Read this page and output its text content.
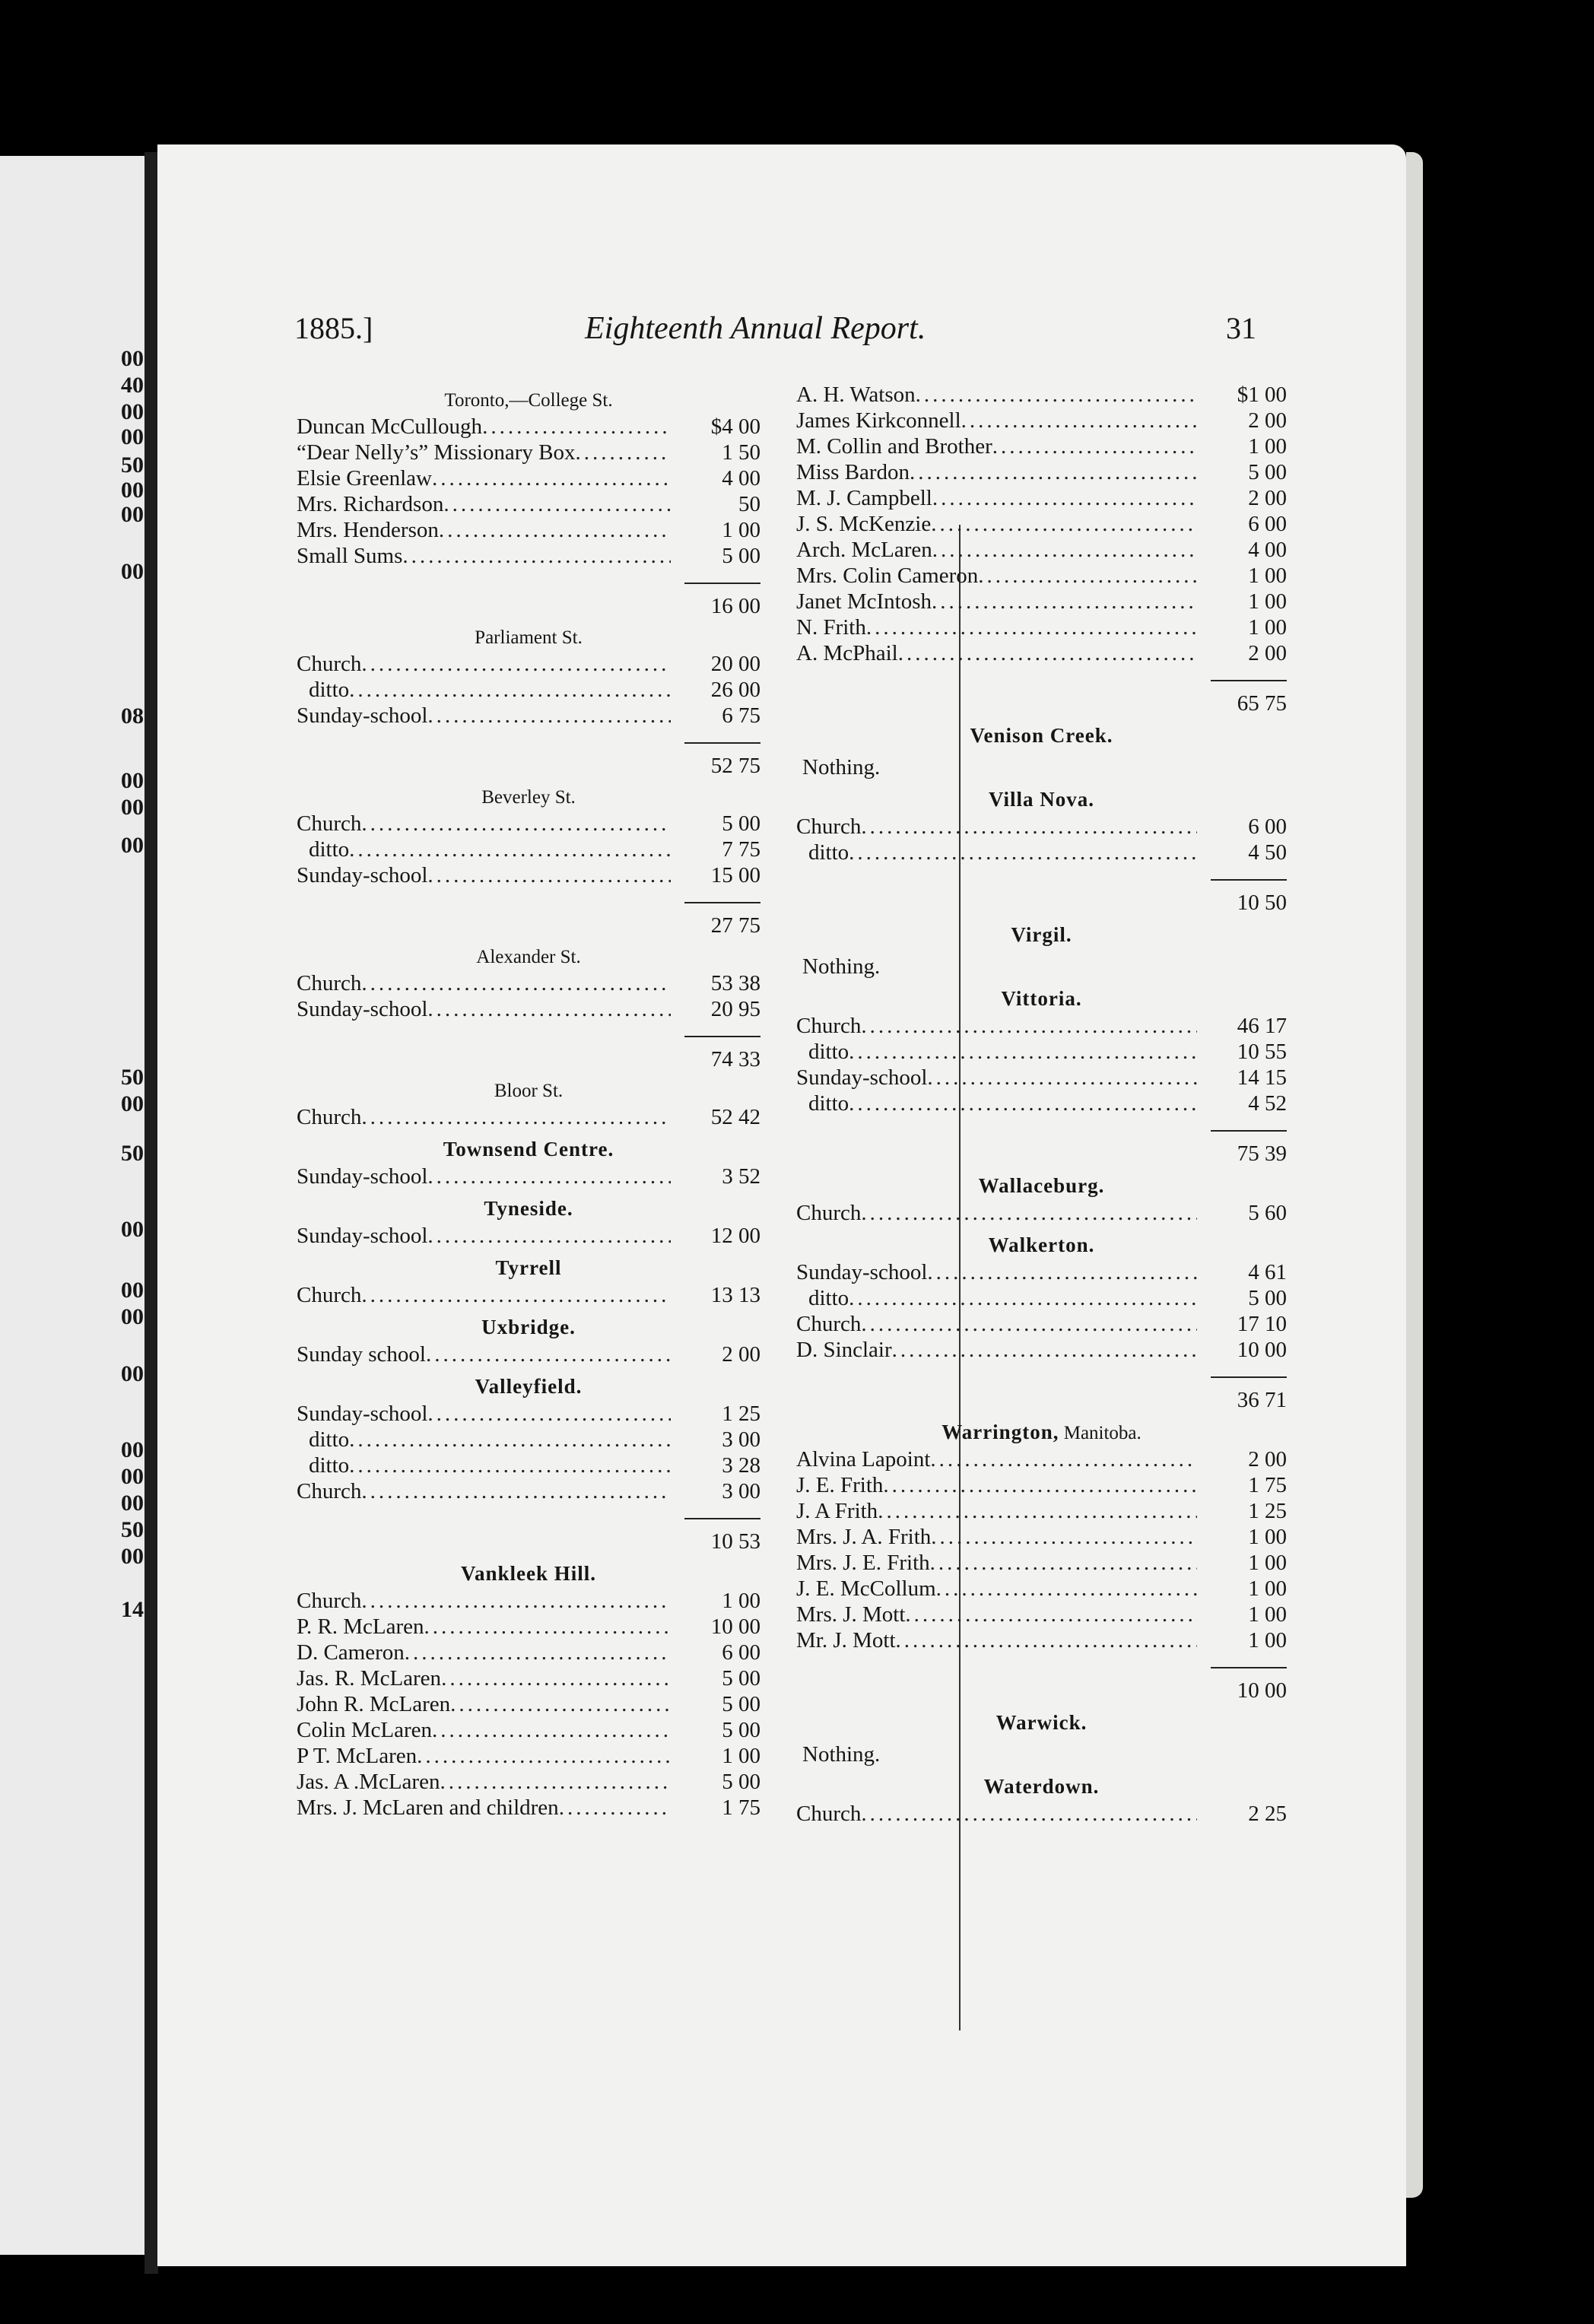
00
40
00
00
50
00
00
00
08
00
00
00
50
00
50
00
00
00
00
00
00
00
50
00
14
1885.]	Eighteenth Annual Report.	31
Toronto,—College St.
Duncan McCullough .....	$4 00
“Dear Nelly’s” Missionary Box .....	1 50
Elsie Greenlaw .....	4 00
Mrs. Richardson .....	50
Mrs. Henderson .....	1 00
Small Sums .....	5 00
16 00
Parliament St.
Church .....	20 00
ditto .....	26 00
Sunday-school .....	6 75
52 75
Beverley St.
Church .....	5 00
ditto .....	7 75
Sunday-school .....	15 00
27 75
Alexander St.
Church .....	53 38
Sunday-school .....	20 95
74 33
Bloor St.
Church .....	52 42
Townsend Centre.
Sunday-school .....	3 52
Tyneside.
Sunday-school .....	12 00
Tyrrell
Church .....	13 13
Uxbridge.
Sunday school .....	2 00
Valleyfield.
Sunday-school .....	1 25
ditto .....	3 00
ditto .....	3 28
Church .....	3 00
10 53
Vankleek Hill.
Church .....	1 00
P. R. McLaren .....	10 00
D. Cameron .....	6 00
Jas. R. McLaren .....	5 00
John R. McLaren .....	5 00
Colin McLaren .....	5 00
P T. McLaren .....	1 00
Jas. A .McLaren .....	5 00
Mrs. J. McLaren and children .....	1 75
A. H. Watson .....	$1 00
James Kirkconnell .....	2 00
M. Collin and Brother .....	1 00
Miss Bardon .....	5 00
M. J. Campbell .....	2 00
J. S. McKenzie .....	6 00
Arch. McLaren .....	4 00
Mrs. Colin Cameron .....	1 00
Janet McIntosh .....	1 00
N. Frith .....	1 00
A. McPhail .....	2 00
65 75
Venison Creek.
Nothing.
Villa Nova.
Church .....	6 00
ditto .....	4 50
10 50
Virgil.
Nothing.
Vittoria.
Church .....	46 17
ditto .....	10 55
Sunday-school .....	14 15
ditto .....	4 52
75 39
Wallaceburg.
Church .....	5 60
Walkerton.
Sunday-school .....	4 61
ditto .....	5 00
Church .....	17 10
D. Sinclair .....	10 00
36 71
Warrington, Manitoba.
Alvina Lapoint .....	2 00
J. E. Frith .....	1 75
J. A Frith .....	1 25
Mrs. J. A. Frith .....	1 00
Mrs. J. E. Frith .....	1 00
J. E. McCollum .....	1 00
Mrs. J. Mott .....	1 00
Mr. J. Mott .....	1 00
10 00
Warwick.
Nothing.
Waterdown.
Church .....	2 25
